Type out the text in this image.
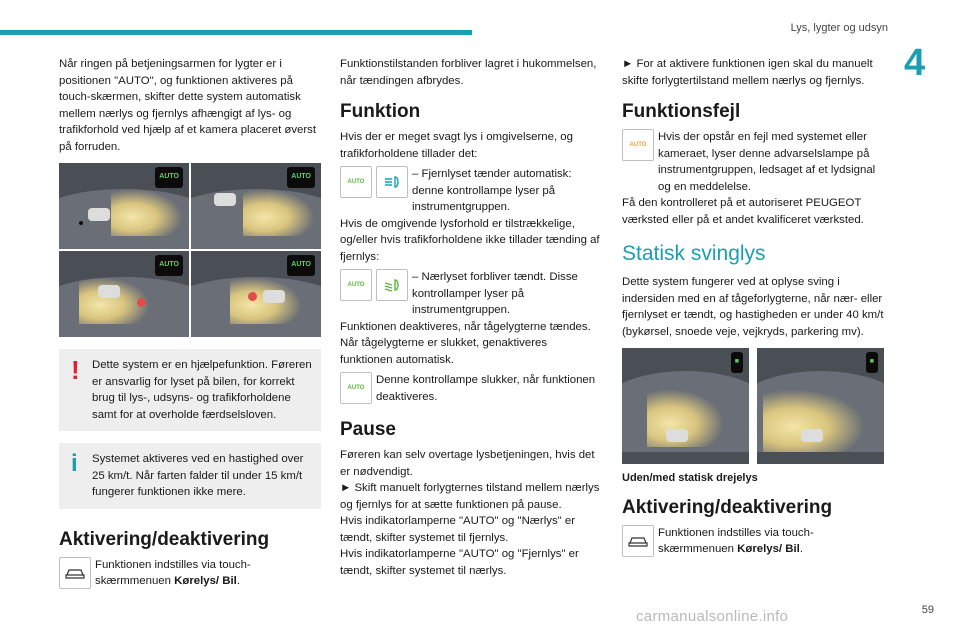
Lys, lygter og udsyn
4

Når ringen på betjeningsarmen for lygter er i positionen "AUTO", og funktionen aktiveres på touch-skærmen, skifter dette system automatisk mellem nærlys og fjernlys afhængigt af lys- og trafikforhold ved hjælp af et kamera placeret øverst på forruden.

AUTO	AUTO
AUTO	AUTO
! Dette system er en hjælpefunktion. Føreren er ansvarlig for lyset på bilen, for korrekt brug til lys-, udsyns- og trafikforholdene samt for at overholde færdselsloven.

i Systemet aktiveres ved en hastighed over 25 km/t. Når farten falder til under 15 km/t fungerer funktionen ikke mere.

Aktivering/deaktivering

Funktionen indstilles via touch-skærmmenuen Kørelys/ Bil.

Funktionstilstanden forbliver lagret i hukommelsen, når tændingen afbrydes.

Funktion

Hvis der er meget svagt lys i omgivelserne, og trafikforholdene tillader det:

AUTO

– Fjernlyset tænder automatisk: denne kontrollampe lyser på instrumentgruppen.

Hvis de omgivende lysforhold er tilstrækkelige, og/eller hvis trafikforholdene ikke tillader tænding af fjernlys:

AUTO

– Nærlyset forbliver tændt. Disse kontrollamper lyser på instrumentgruppen.

Funktionen deaktiveres, når tågelygterne tændes. Når tågelygterne er slukket, genaktiveres funktionen automatisk.

AUTO

Denne kontrollampe slukker, når funktionen deaktiveres.

Pause

Føreren kan selv overtage lysbetjeningen, hvis det er nødvendigt.

► Skift manuelt forlygternes tilstand mellem nærlys og fjernlys for at sætte funktionen på pause.

Hvis indikatorlamperne "AUTO" og "Nærlys" er tændt, skifter systemet til fjernlys.

Hvis indikatorlamperne "AUTO" og "Fjernlys" er tændt, skifter systemet til nærlys.

► For at aktivere funktionen igen skal du manuelt skifte forlygtertilstand mellem nærlys og fjernlys.

Funktionsfejl
AUTO

Hvis der opstår en fejl med systemet eller kameraet, lyser denne advarselslampe på instrumentgruppen, ledsaget af et lydsignal og en meddelelse.

Få den kontrolleret på et autoriseret PEUGEOT værksted eller på et andet kvalificeret værksted.

Statisk svinglys

Dette system fungerer ved at oplyse sving i indersiden med en af tågeforlygterne, når nær- eller fjernlyset er tændt, og hastigheden er under 40 km/t (bykørsel, snoede veje, vejkryds, parkering mv).

■	■
Uden/med statisk drejelys
Aktivering/deaktivering

Funktionen indstilles via touch-skærmmenuen Kørelys/ Bil.

carmanualsonline.info	59
